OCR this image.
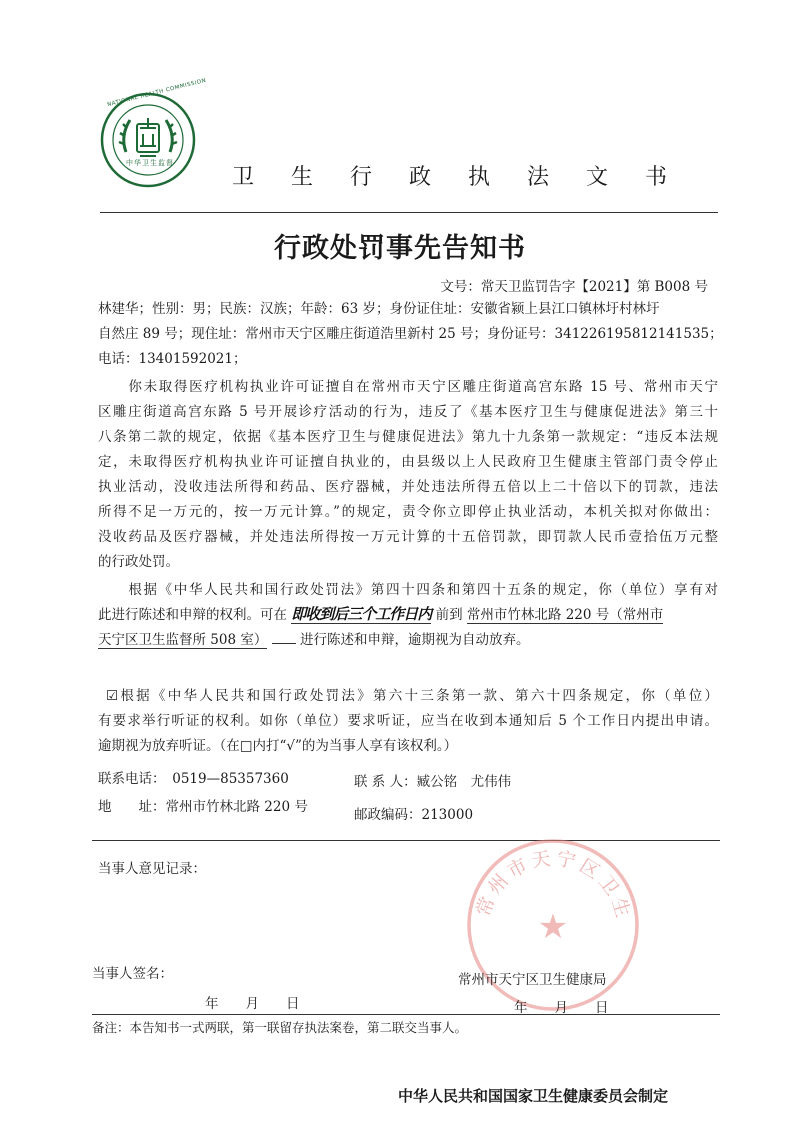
中华卫生监督
NATIONAL HEALTH COMMISSION
卫 生 行 政 执 法 文 书
行政处罚事先告知书
文号：常天卫监罚告字【2021】第 B008 号
林建华；性别：男；民族：汉族；年龄：63 岁；身份证住址：安徽省颍上县江口镇林圩村林圩
自然庄 89 号；现住址：常州市天宁区雕庄街道浩里新村 25 号；身份证号：341226195812141535；
电话：13401592021；
　　你未取得医疗机构执业许可证擅自在常州市天宁区雕庄街道高宫东路 15 号、常州市天宁
区雕庄街道高宫东路 5 号开展诊疗活动的行为，违反了《基本医疗卫生与健康促进法》第三十
八条第二款的规定，依据《基本医疗卫生与健康促进法》第九十九条第一款规定：“违反本法规
定，未取得医疗机构执业许可证擅自执业的，由县级以上人民政府卫生健康主管部门责令停止
执业活动，没收违法所得和药品、医疗器械，并处违法所得五倍以上二十倍以下的罚款，违法
所得不足一万元的，按一万元计算。”的规定，责令你立即停止执业活动，本机关拟对你做出：
没收药品及医疗器械，并处违法所得按一万元计算的十五倍罚款，即罚款人民币壹拾伍万元整
的行政处罚。
　　根据《中华人民共和国行政处罚法》第四十四条和第四十五条的规定，你（单位）享有对
此进行陈述和申辩的权利。可在 即收到后三个工作日内 前到 常州市竹林北路 220 号（常州市
天宁区卫生监督所 508 室） 进行陈述和申辩，逾期视为自动放弃。
☑根据《中华人民共和国行政处罚法》第六十三条第一款、第六十四条规定，你（单位）
有要求举行听证的权利。如你（单位）要求听证，应当在收到本通知后 5 个工作日内提出申请。
逾期视为放弃听证。（在□内打“√”的为当事人享有该权利。）
联系电话：　0519—85357360	联 系 人：臧公铭　尤伟伟
地　　址：常州市竹林北路 220 号	邮政编码：213000
当事人意见记录：
常州市天宁区卫生
★
当事人签名：	常州市天宁区卫生健康局
年　　月　　日	年　　月　　日
备注：本告知书一式两联，第一联留存执法案卷，第二联交当事人。
中华人民共和国国家卫生健康委员会制定
